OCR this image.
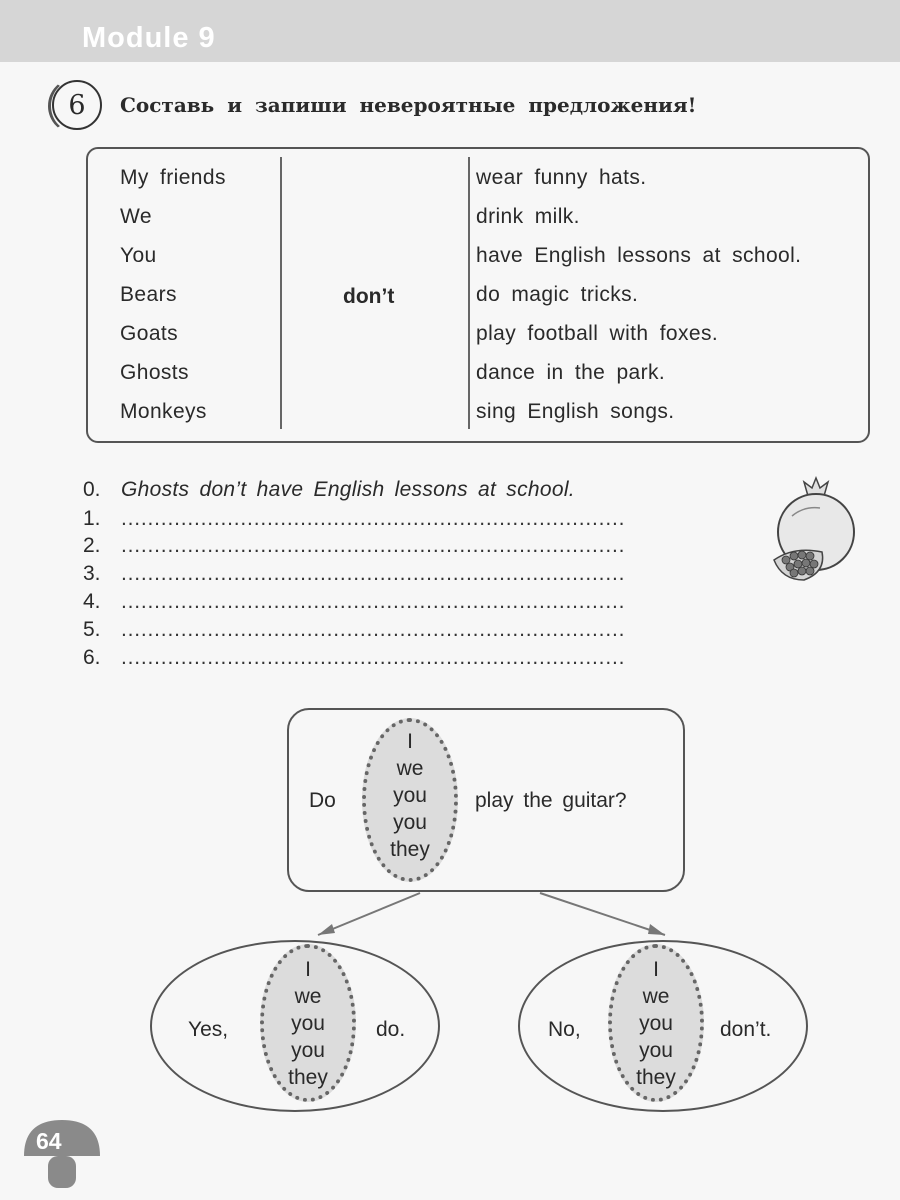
Module 9
6	Составь и запиши невероятные предложения!
My friends
We
You
Bears
Goats
Ghosts
Monkeys
don’t
wear funny hats.
drink milk.
have English lessons at school.
do magic tricks.
play football with foxes.
dance in the park.
sing English songs.
0. Ghosts don’t have English lessons at school.
1. ............................................................................
2. ............................................................................
3. ............................................................................
4. ............................................................................
5. ............................................................................
6. ............................................................................
Do
I
we
you
you
they
play the guitar?
Yes,
I
we
you
you
they
do.	No,
I
we
you
you
they
don’t.
64
